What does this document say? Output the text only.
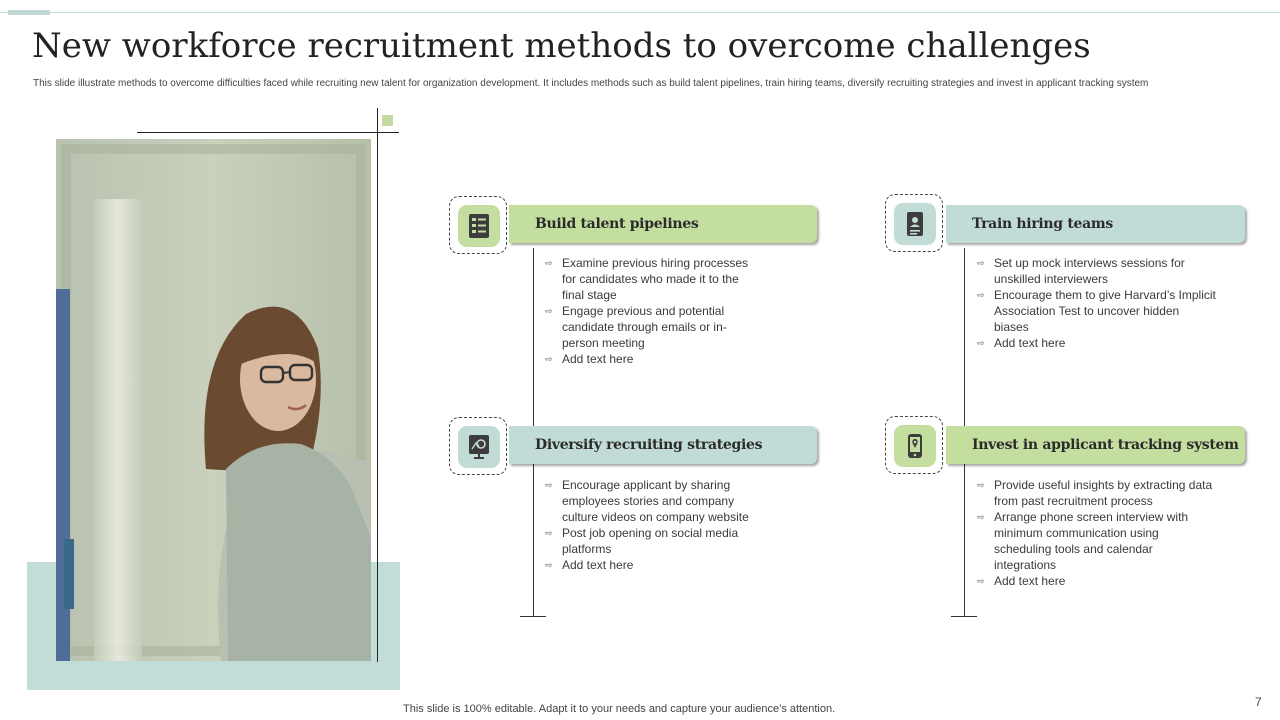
New workforce recruitment methods to overcome challenges
This slide illustrate methods to overcome difficulties faced while recruiting new talent for organization development. It includes methods such as build talent pipelines, train hiring teams, diversify recruiting strategies and invest in applicant tracking system
Build talent pipelines
⇨ Examine previous hiring processes for candidates who made it to the final stage
⇨ Engage previous and potential candidate through emails or in-person meeting
⇨ Add text here
Train hiring teams
⇨ Set up mock interviews sessions for unskilled interviewers
⇨ Encourage them to give Harvard’s Implicit Association Test to uncover hidden biases
⇨ Add text here
Diversify recruiting strategies
⇨ Encourage applicant by sharing employees stories and company culture videos on company website
⇨ Post job opening on social media platforms
⇨ Add text here
Invest in applicant tracking system
⇨ Provide useful insights by extracting data from past recruitment process
⇨ Arrange phone screen interview with minimum communication using scheduling tools and calendar integrations
⇨ Add text here
This slide is 100% editable. Adapt it to your needs and capture your audience’s attention.	7
